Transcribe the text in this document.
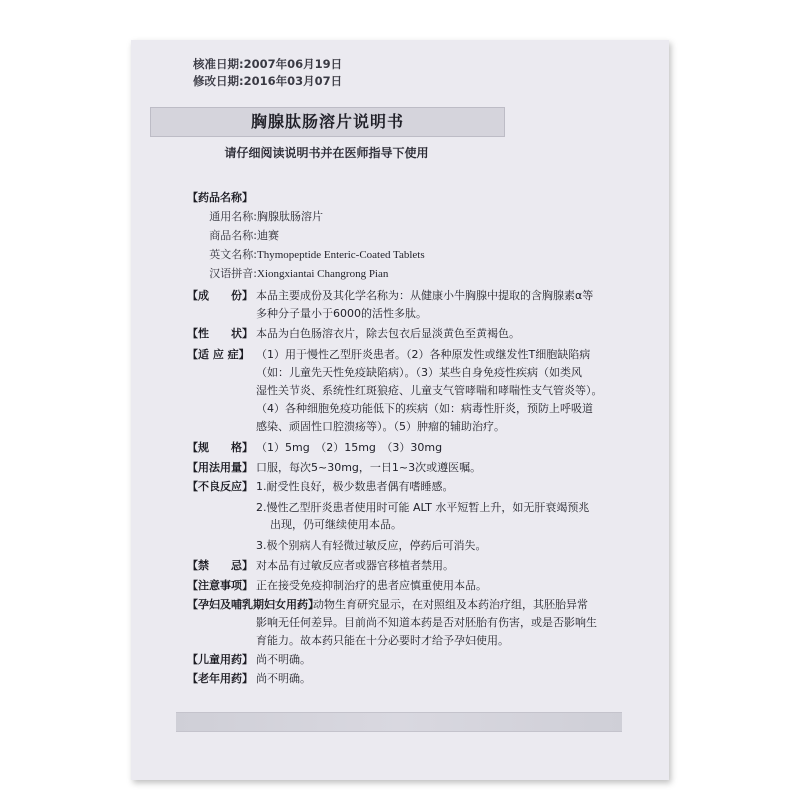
核准日期:2007年06月19日
修改日期:2016年03月07日
胸腺肽肠溶片说明书
请仔细阅读说明书并在医师指导下使用
【药品名称】
通用名称:胸腺肽肠溶片
商品名称:迪赛
英文名称:Thymopeptide Enteric-Coated Tablets
汉语拼音:Xiongxiantai Changrong Pian
【成　　份】 本品主要成份及其化学名称为：从健康小牛胸腺中提取的含胸腺素α等
多种分子量小于6000的活性多肽。
【性　　状】 本品为白色肠溶衣片，除去包衣后显淡黄色至黄褐色。
【适 应 症】 （1）用于慢性乙型肝炎患者。（2）各种原发性或继发性T细胞缺陷病
（如：儿童先天性免疫缺陷病）。（3）某些自身免疫性疾病（如类风
湿性关节炎、系统性红斑狼疮、儿童支气管哮喘和哮喘性支气管炎等）。
（4）各种细胞免疫功能低下的疾病（如：病毒性肝炎，预防上呼吸道
感染、顽固性口腔溃疡等）。（5）肿瘤的辅助治疗。
【规　　格】 （1）5mg　（2）15mg　（3）30mg
【用法用量】 口服，每次5~30mg，一日1~3次或遵医嘱。
【不良反应】 1.耐受性良好，极少数患者偶有嗜睡感。
2.慢性乙型肝炎患者使用时可能 ALT 水平短暂上升，如无肝衰竭预兆
出现，仍可继续使用本品。
3.极个别病人有轻微过敏反应，停药后可消失。
【禁　　忌】 对本品有过敏反应者或器官移植者禁用。
【注意事项】 正在接受免疫抑制治疗的患者应慎重使用本品。
【孕妇及哺乳期妇女用药】
动物生育研究显示，在对照组及本药治疗组，其胚胎异常
影响无任何差异。目前尚不知道本药是否对胚胎有伤害，或是否影响生
育能力。故本药只能在十分必要时才给予孕妇使用。
【儿童用药】 尚不明确。
【老年用药】 尚不明确。
